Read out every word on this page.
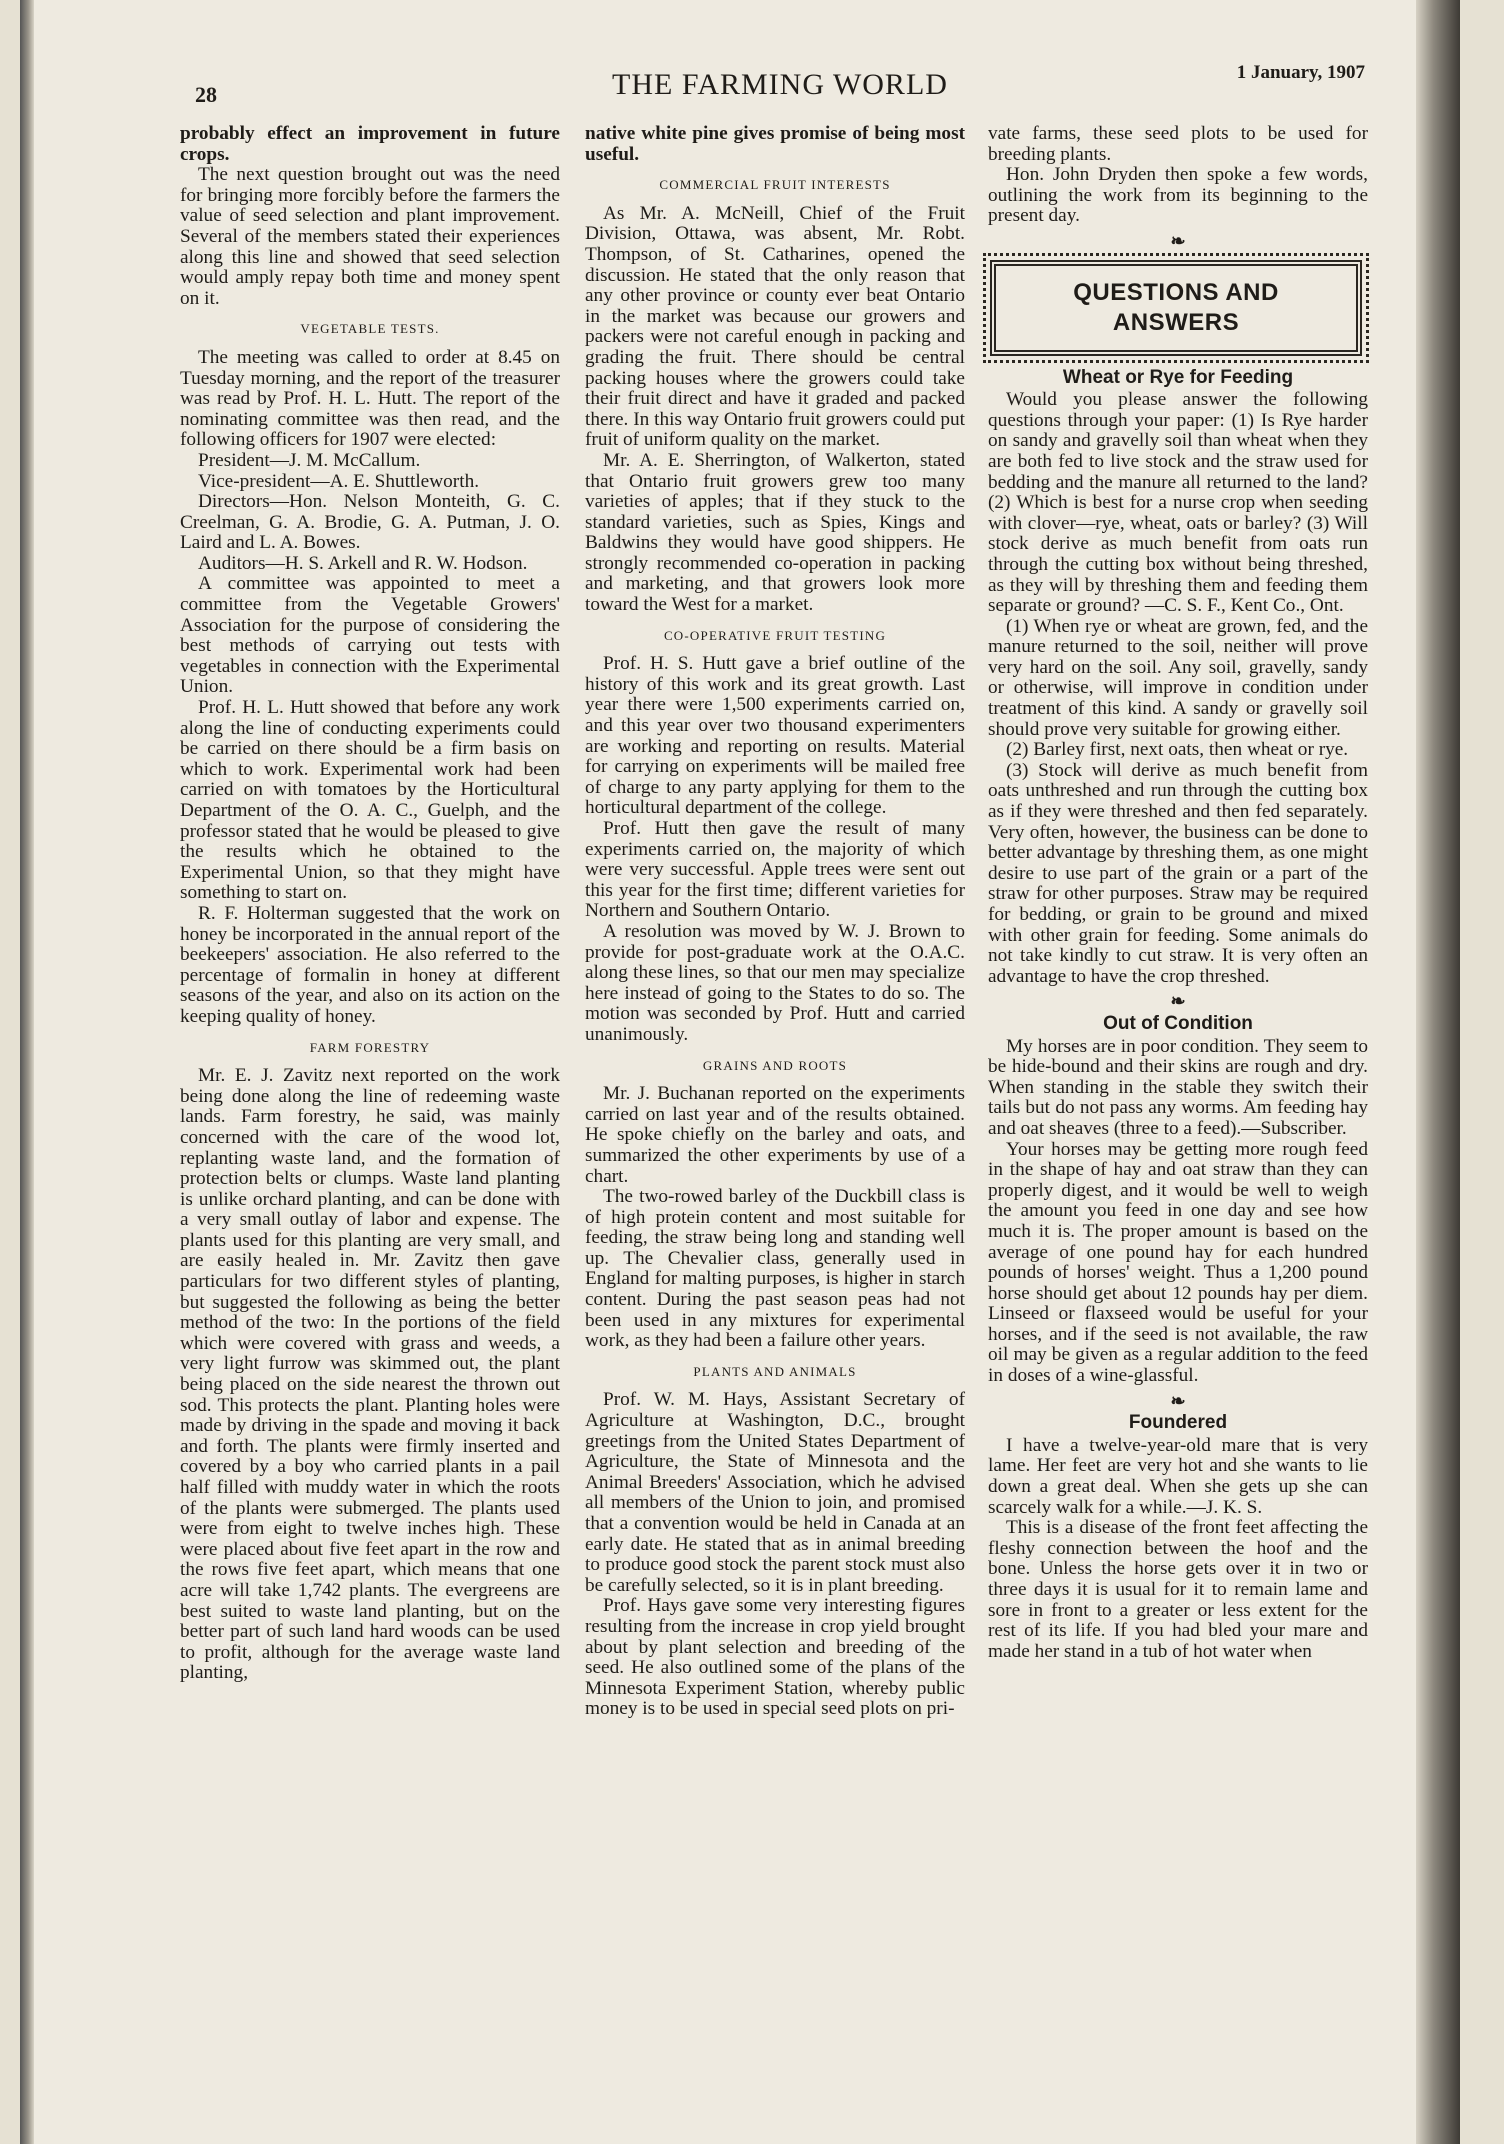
28	THE FARMING WORLD	1 January, 1907

probably effect an improvement in future crops.

The next question brought out was the need for bringing more forcibly before the farmers the value of seed selection and plant improvement. Several of the members stated their experiences along this line and showed that seed selection would amply repay both time and money spent on it.

VEGETABLE TESTS.

The meeting was called to order at 8.45 on Tuesday morning, and the report of the treasurer was read by Prof. H. L. Hutt. The report of the nominating committee was then read, and the following officers for 1907 were elected:

President—J. M. McCallum.

Vice-president—A. E. Shuttleworth.

Directors—Hon. Nelson Monteith, G. C. Creelman, G. A. Brodie, G. A. Putman, J. O. Laird and L. A. Bowes.

Auditors—H. S. Arkell and R. W. Hodson.

A committee was appointed to meet a committee from the Vegetable Growers' Association for the purpose of considering the best methods of carrying out tests with vegetables in connection with the Experimental Union.

Prof. H. L. Hutt showed that before any work along the line of conducting experiments could be carried on there should be a firm basis on which to work. Experimental work had been carried on with tomatoes by the Horticultural Department of the O. A. C., Guelph, and the professor stated that he would be pleased to give the results which he obtained to the Experimental Union, so that they might have something to start on.

R. F. Holterman suggested that the work on honey be incorporated in the annual report of the beekeepers' association. He also referred to the percentage of formalin in honey at different seasons of the year, and also on its action on the keeping quality of honey.

FARM FORESTRY

Mr. E. J. Zavitz next reported on the work being done along the line of redeeming waste lands. Farm forestry, he said, was mainly concerned with the care of the wood lot, replanting waste land, and the formation of protection belts or clumps. Waste land planting is unlike orchard planting, and can be done with a very small outlay of labor and expense. The plants used for this planting are very small, and are easily healed in. Mr. Zavitz then gave particulars for two different styles of planting, but suggested the following as being the better method of the two: In the portions of the field which were covered with grass and weeds, a very light furrow was skimmed out, the plant being placed on the side nearest the thrown out sod. This protects the plant. Planting holes were made by driving in the spade and moving it back and forth. The plants were firmly inserted and covered by a boy who carried plants in a pail half filled with muddy water in which the roots of the plants were submerged. The plants used were from eight to twelve inches high. These were placed about five feet apart in the row and the rows five feet apart, which means that one acre will take 1,742 plants. The evergreens are best suited to waste land planting, but on the better part of such land hard woods can be used to profit, although for the average waste land planting,

native white pine gives promise of being most useful.

COMMERCIAL FRUIT INTERESTS

As Mr. A. McNeill, Chief of the Fruit Division, Ottawa, was absent, Mr. Robt. Thompson, of St. Catharines, opened the discussion. He stated that the only reason that any other province or county ever beat Ontario in the market was because our growers and packers were not careful enough in packing and grading the fruit. There should be central packing houses where the growers could take their fruit direct and have it graded and packed there. In this way Ontario fruit growers could put fruit of uniform quality on the market.

Mr. A. E. Sherrington, of Walkerton, stated that Ontario fruit growers grew too many varieties of apples; that if they stuck to the standard varieties, such as Spies, Kings and Baldwins they would have good shippers. He strongly recommended co-operation in packing and marketing, and that growers look more toward the West for a market.

CO-OPERATIVE FRUIT TESTING

Prof. H. S. Hutt gave a brief outline of the history of this work and its great growth. Last year there were 1,500 experiments carried on, and this year over two thousand experimenters are working and reporting on results. Material for carrying on experiments will be mailed free of charge to any party applying for them to the horticultural department of the college.

Prof. Hutt then gave the result of many experiments carried on, the majority of which were very successful. Apple trees were sent out this year for the first time; different varieties for Northern and Southern Ontario.

A resolution was moved by W. J. Brown to provide for post-graduate work at the O.A.C. along these lines, so that our men may specialize here instead of going to the States to do so. The motion was seconded by Prof. Hutt and carried unanimously.

GRAINS AND ROOTS

Mr. J. Buchanan reported on the experiments carried on last year and of the results obtained. He spoke chiefly on the barley and oats, and summarized the other experiments by use of a chart.

The two-rowed barley of the Duckbill class is of high protein content and most suitable for feeding, the straw being long and standing well up. The Chevalier class, generally used in England for malting purposes, is higher in starch content. During the past season peas had not been used in any mixtures for experimental work, as they had been a failure other years.

PLANTS AND ANIMALS

Prof. W. M. Hays, Assistant Secretary of Agriculture at Washington, D.C., brought greetings from the United States Department of Agriculture, the State of Minnesota and the Animal Breeders' Association, which he advised all members of the Union to join, and promised that a convention would be held in Canada at an early date. He stated that as in animal breeding to produce good stock the parent stock must also be carefully selected, so it is in plant breeding.

Prof. Hays gave some very interesting figures resulting from the increase in crop yield brought about by plant selection and breeding of the seed. He also outlined some of the plans of the Minnesota Experiment Station, whereby public money is to be used in special seed plots on pri-

vate farms, these seed plots to be used for breeding plants.

Hon. John Dryden then spoke a few words, outlining the work from its beginning to the present day.

❧
QUESTIONS AND
ANSWERS
Wheat or Rye for Feeding

Would you please answer the following questions through your paper: (1) Is Rye harder on sandy and gravelly soil than wheat when they are both fed to live stock and the straw used for bedding and the manure all returned to the land? (2) Which is best for a nurse crop when seeding with clover—rye, wheat, oats or barley? (3) Will stock derive as much benefit from oats run through the cutting box without being threshed, as they will by threshing them and feeding them separate or ground? —C. S. F., Kent Co., Ont.

(1) When rye or wheat are grown, fed, and the manure returned to the soil, neither will prove very hard on the soil. Any soil, gravelly, sandy or otherwise, will improve in condition under treatment of this kind. A sandy or gravelly soil should prove very suitable for growing either.

(2) Barley first, next oats, then wheat or rye.

(3) Stock will derive as much benefit from oats unthreshed and run through the cutting box as if they were threshed and then fed separately. Very often, however, the business can be done to better advantage by threshing them, as one might desire to use part of the grain or a part of the straw for other purposes. Straw may be required for bedding, or grain to be ground and mixed with other grain for feeding. Some animals do not take kindly to cut straw. It is very often an advantage to have the crop threshed.

❧
Out of Condition

My horses are in poor condition. They seem to be hide-bound and their skins are rough and dry. When standing in the stable they switch their tails but do not pass any worms. Am feeding hay and oat sheaves (three to a feed).—Subscriber.

Your horses may be getting more rough feed in the shape of hay and oat straw than they can properly digest, and it would be well to weigh the amount you feed in one day and see how much it is. The proper amount is based on the average of one pound hay for each hundred pounds of horses' weight. Thus a 1,200 pound horse should get about 12 pounds hay per diem. Linseed or flaxseed would be useful for your horses, and if the seed is not available, the raw oil may be given as a regular addition to the feed in doses of a wine-glassful.

❧
Foundered

I have a twelve-year-old mare that is very lame. Her feet are very hot and she wants to lie down a great deal. When she gets up she can scarcely walk for a while.—J. K. S.

This is a disease of the front feet affecting the fleshy connection between the hoof and the bone. Unless the horse gets over it in two or three days it is usual for it to remain lame and sore in front to a greater or less extent for the rest of its life. If you had bled your mare and made her stand in a tub of hot water when
